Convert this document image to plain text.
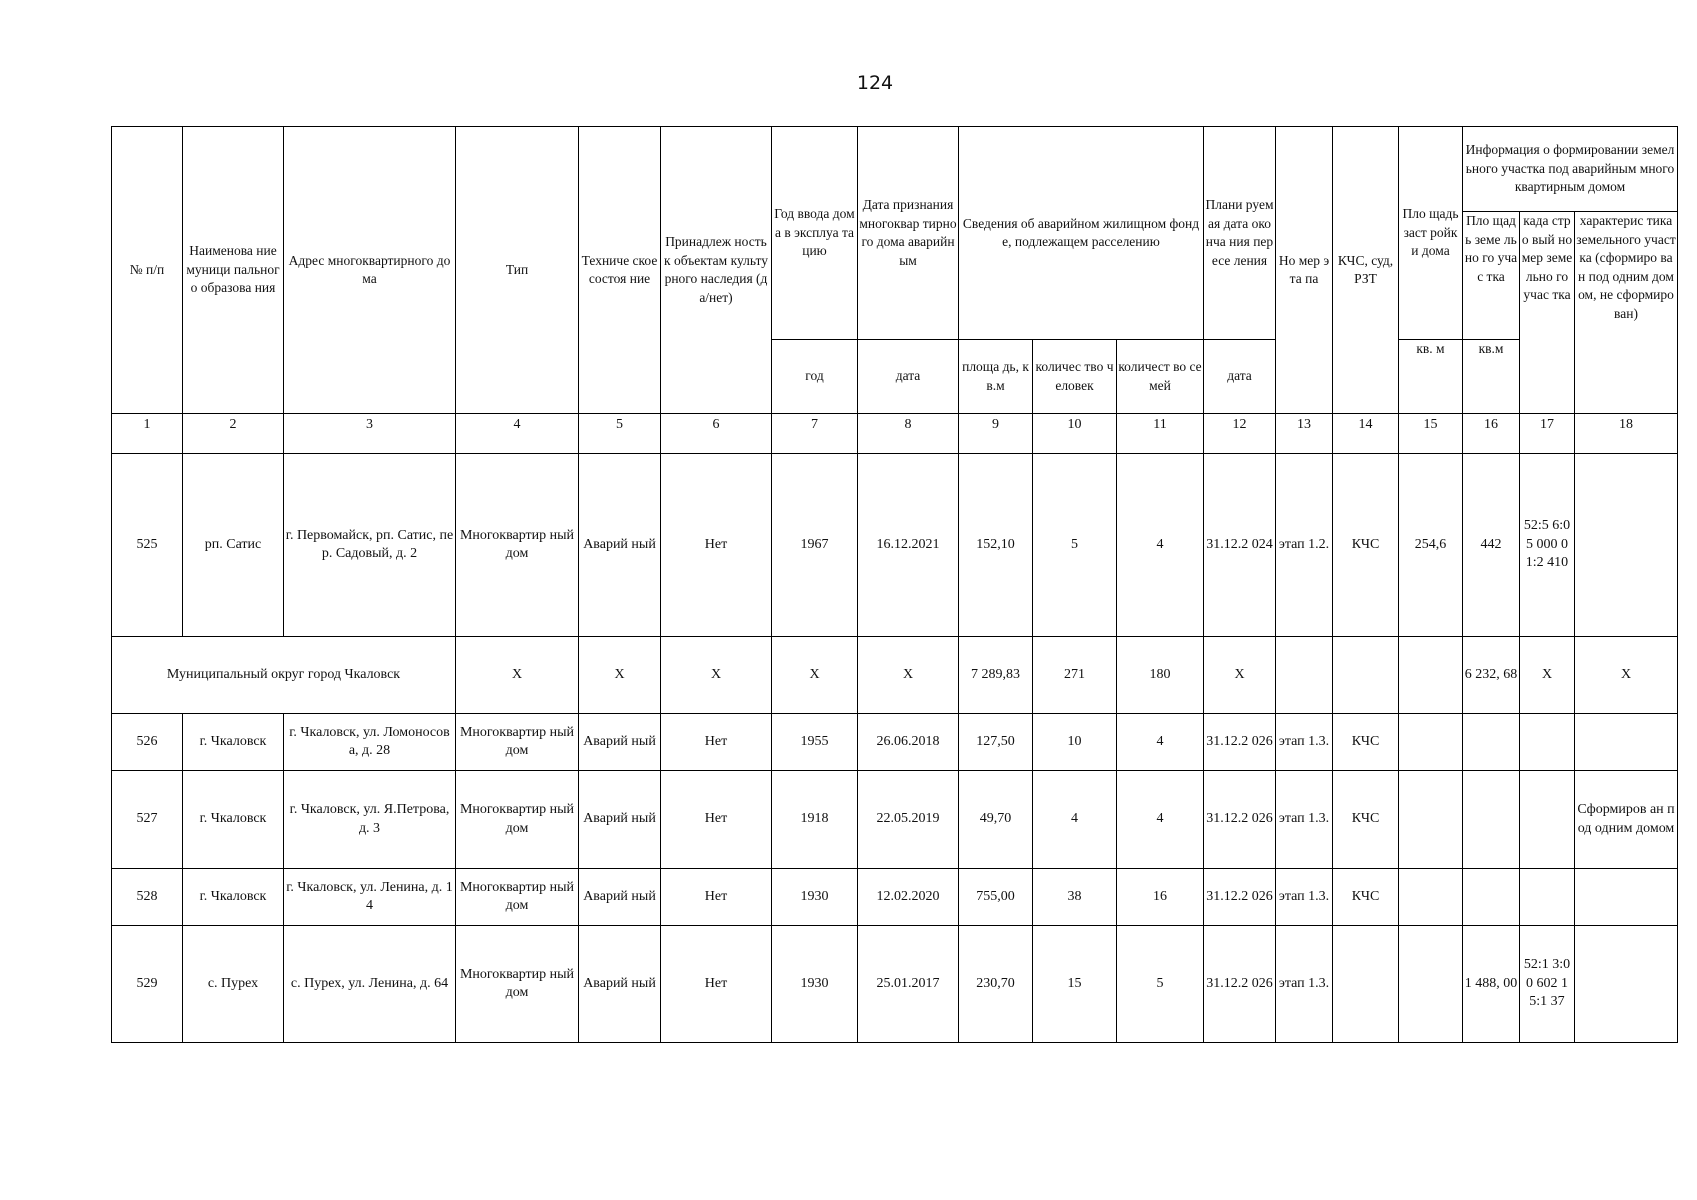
124
№ п/п	Наименова ние муници пального образова ния	Адрес многоквартирного дома	Тип	Техниче ское состоя ние	Принадлеж ность к объектам культурного наследия (да/нет)	Год ввода дома в эксплуа тацию	Дата признания многоквар тирного дома аварийным	Сведения об аварийном жилищном фонде, подлежащем расселению			Плани руемая дата оконча ния пересе ления	Но мер эта па	КЧС, суд, РЗТ	Пло щадь заст ройки дома	Информация о формировании земельного участка под аварийным многоквартирным домом		
															Пло щадь земе льно го учас тка	када стро вый но мер земе льно го учас тка	характерис тика земельного участка (сформиро ван под одним домом, не сформиро ван)
						год	дата	площа дь, кв.м	количес тво человек	количест во семей	дата			кв. м	кв.м		
1	2	3	4	5	6	7	8	9	10	11	12	13	14	15	16	17	18
525	рп. Сатис	г. Первомайск, рп. Сатис, пер. Садовый, д. 2	Многоквартир ный дом	Аварий ный	Нет	1967	16.12.2021	152,10	5	4	31.12.2 024	этап 1.2.	КЧС	254,6	442	52:5 6:05 000 01:2 410	
Муниципальный округ город Чкаловск			X	X	X	X	X	7 289,83	271	180	X				6 232, 68	X	X
526	г. Чкаловск	г. Чкаловск, ул. Ломоносова, д. 28	Многоквартир ный дом	Аварий ный	Нет	1955	26.06.2018	127,50	10	4	31.12.2 026	этап 1.3.	КЧС				
527	г. Чкаловск	г. Чкаловск, ул. Я.Петрова, д. 3	Многоквартир ный дом	Аварий ный	Нет	1918	22.05.2019	49,70	4	4	31.12.2 026	этап 1.3.	КЧС				Сформиров ан под одним домом
528	г. Чкаловск	г. Чкаловск, ул. Ленина, д. 14	Многоквартир ный дом	Аварий ный	Нет	1930	12.02.2020	755,00	38	16	31.12.2 026	этап 1.3.	КЧС				
529	с. Пурех	с. Пурех, ул. Ленина, д. 64	Многоквартир ный дом	Аварий ный	Нет	1930	25.01.2017	230,70	15	5	31.12.2 026	этап 1.3.			1 488, 00	52:1 3:00 602 15:1 37	
